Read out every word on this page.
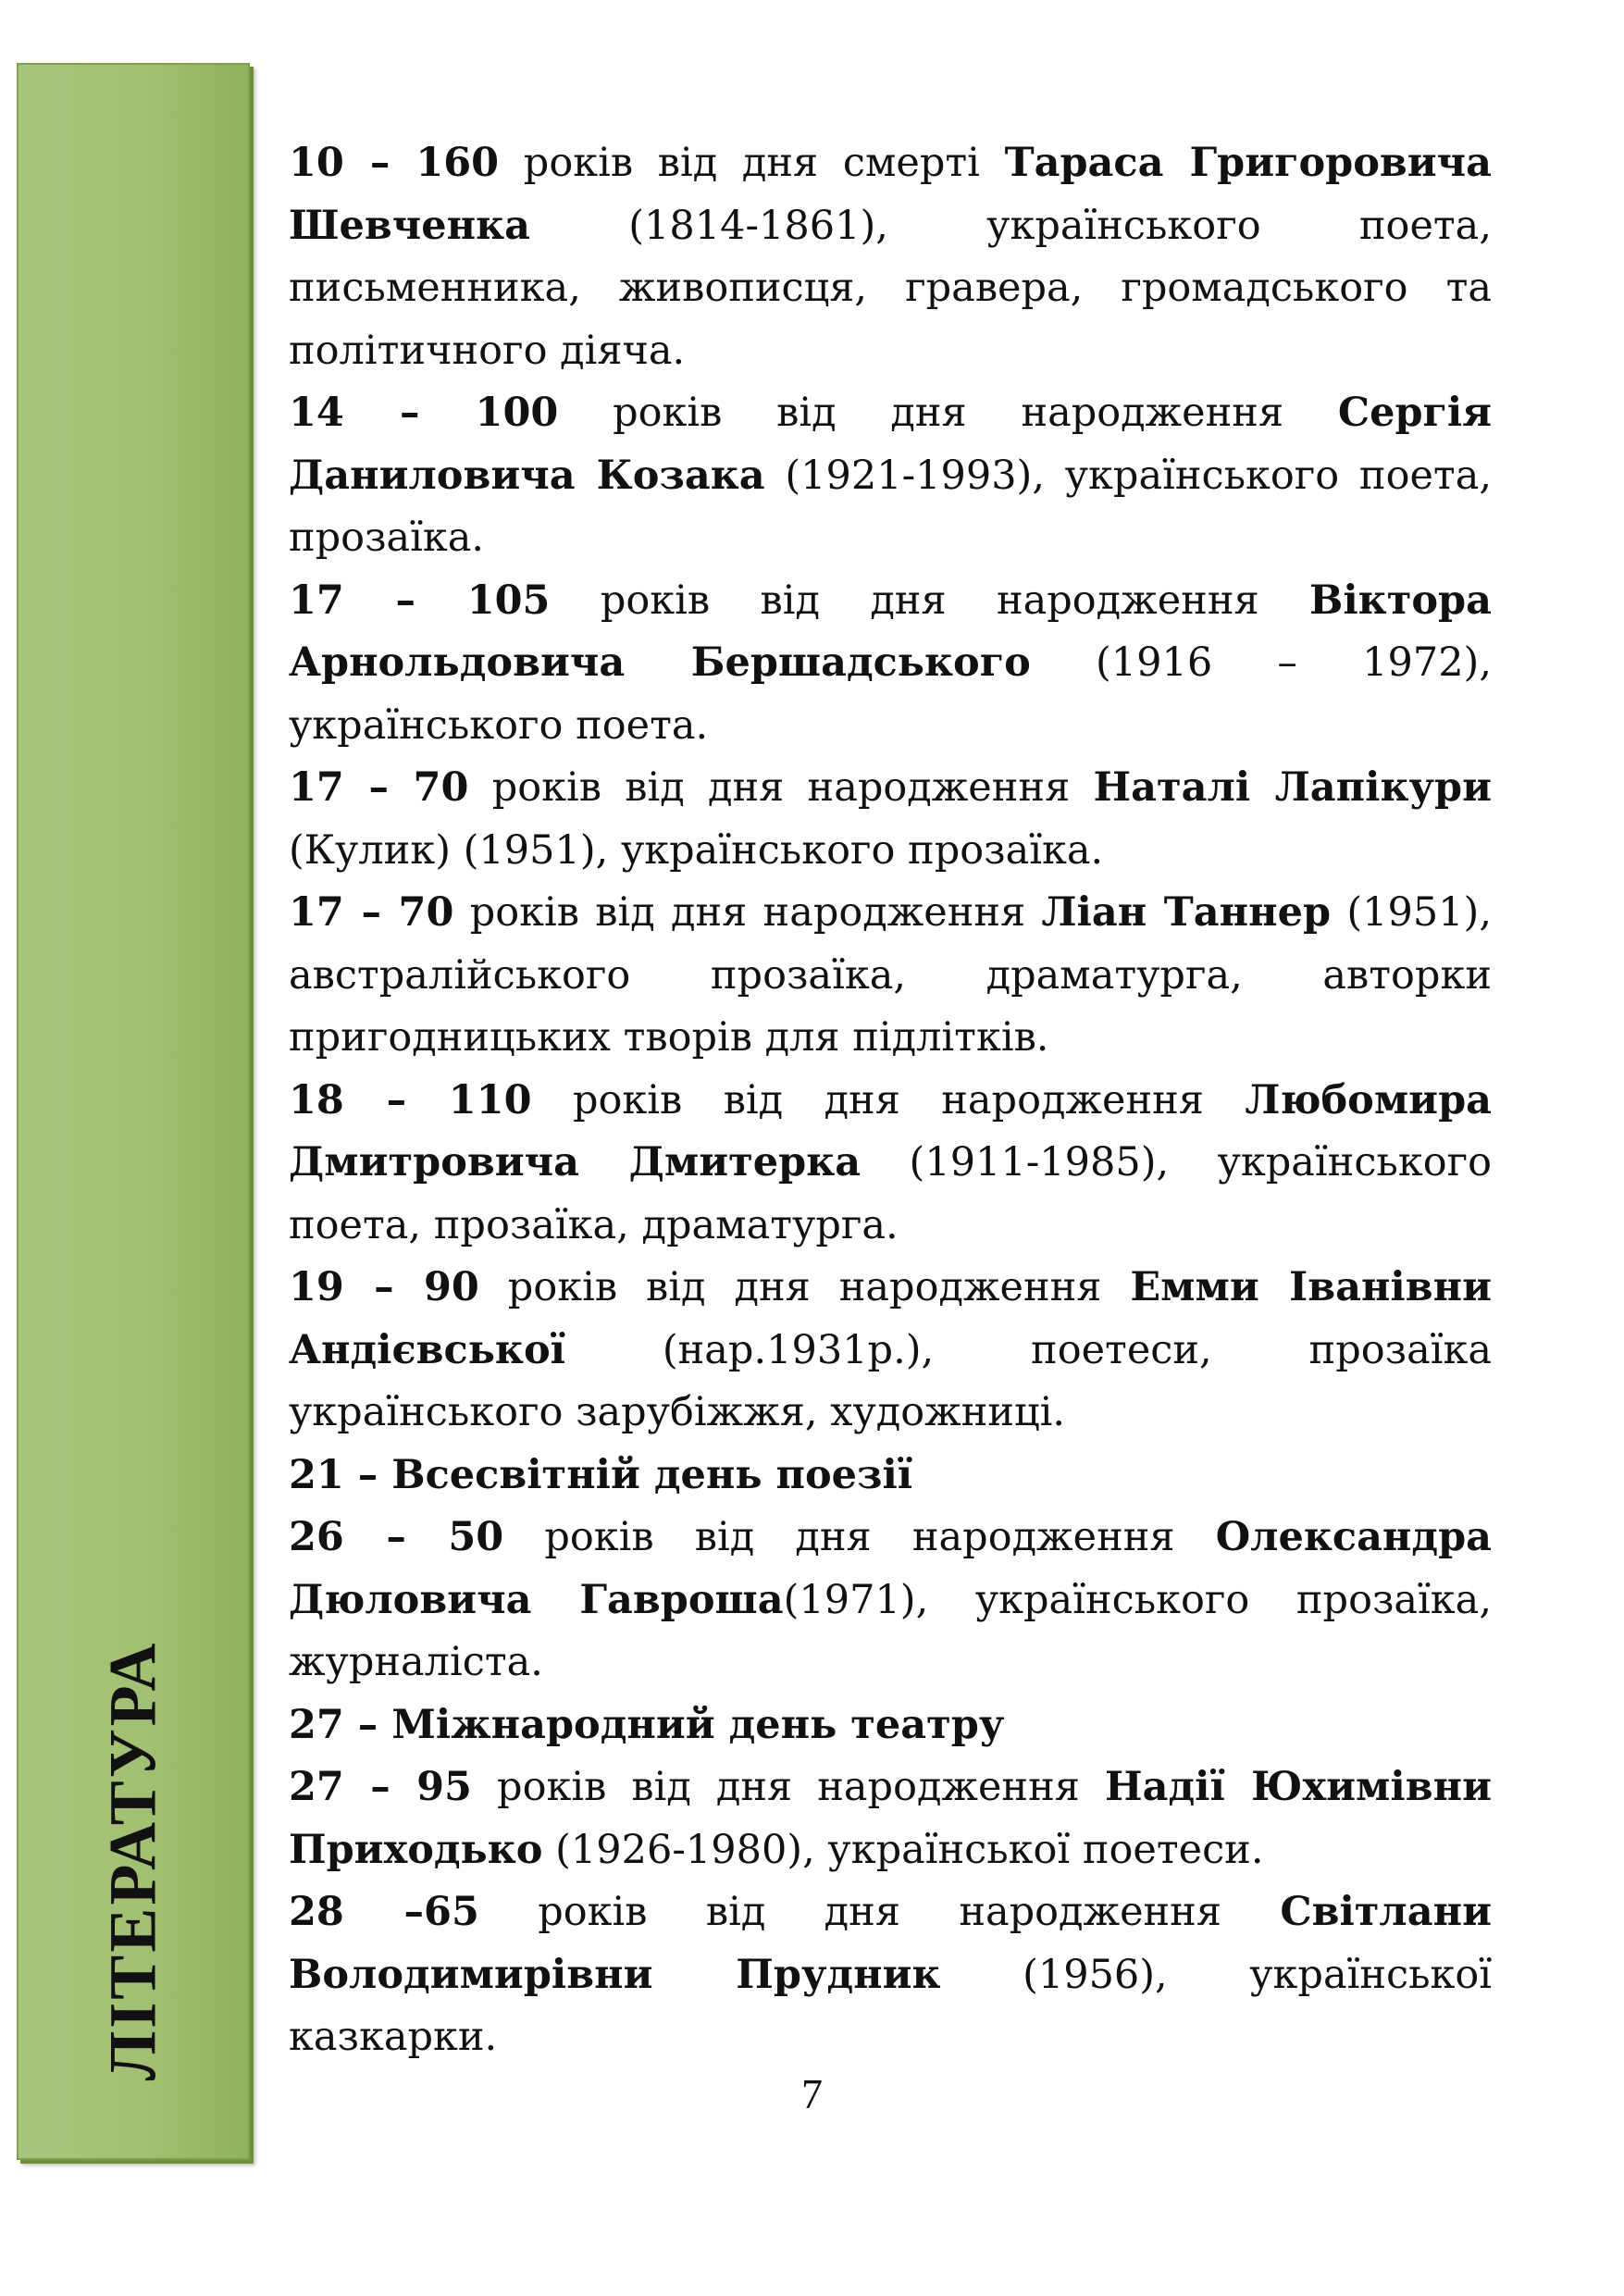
ЛІТЕРАТУРА

10 – 160 років від дня смерті Тараса Григоровича Шевченка (1814-1861), українського поета, письменника, живописця, гравера, громадського та політичного діяча.

14 – 100 років від дня народження Сергія Даниловича Козака (1921-1993), українського поета, прозаїка.

17 – 105 років від дня народження Віктора Арнольдовича Бершадського (1916 – 1972), українського поета.

17 – 70 років від дня народження Наталі Лапікури (Кулик) (1951), українського прозаїка.

17 – 70 років від дня народження Ліан Таннер (1951), австралійського прозаїка, драматурга, авторки пригодницьких творів для підлітків.

18 – 110 років від дня народження Любомира Дмитровича Дмитерка (1911-1985), українського поета, прозаїка, драматурга.

19 – 90 років від дня народження Емми Іванівни Андієвської (нар.1931р.), поетеси, прозаїка українського зарубіжжя, художниці.

21 – Всесвітній день поезії

26 – 50 років від дня народження Олександра Дюловича Гавроша(1971), українського прозаїка, журналіста.

27 – Міжнародний день театру

27 – 95 років від дня народження Надії Юхимівни Приходько (1926-1980), української поетеси.

28 –65 років від дня народження Світлани Володимирівни Прудник (1956), української казкарки.

7
